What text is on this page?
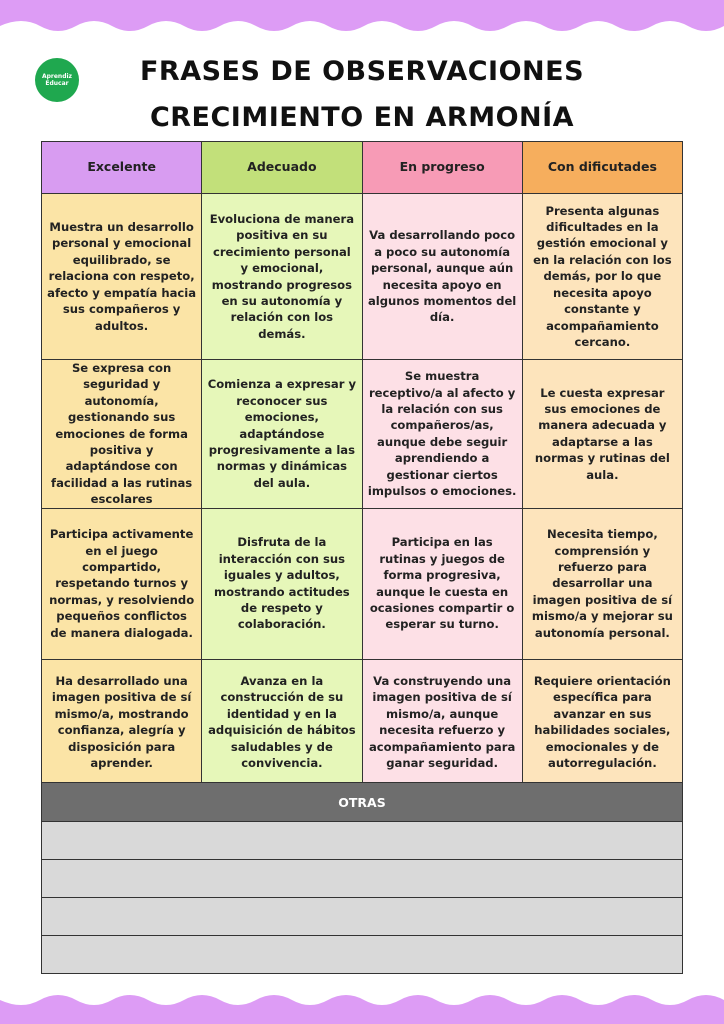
Aprendiz
Educar	FRASES DE OBSERVACIONES
CRECIMIENTO EN ARMONÍA
Excelente	Adecuado	En progreso	Con dificutades
Muestra un desarrollo personal y emocional equilibrado, se relaciona con respeto, afecto y empatía hacia sus compañeros y adultos.	Evoluciona de manera positiva en su crecimiento personal y emocional, mostrando progresos en su autonomía y relación con los demás.	Va desarrollando poco a poco su autonomía personal, aunque aún necesita apoyo en algunos momentos del día.	Presenta algunas dificultades en la gestión emocional y en la relación con los demás, por lo que necesita apoyo constante y acompañamiento cercano.
Se expresa con seguridad y autonomía, gestionando sus emociones de forma positiva y adaptándose con facilidad a las rutinas escolares	Comienza a expresar y reconocer sus emociones, adaptándose progresivamente a las normas y dinámicas del aula.	Se muestra receptivo/a al afecto y la relación con sus compañeros/as, aunque debe seguir aprendiendo a gestionar ciertos impulsos o emociones.	Le cuesta expresar sus emociones de manera adecuada y adaptarse a las normas y rutinas del aula.
Participa activamente en el juego compartido, respetando turnos y normas, y resolviendo pequeños conflictos de manera dialogada.	Disfruta de la interacción con sus iguales y adultos, mostrando actitudes de respeto y colaboración.	Participa en las rutinas y juegos de forma progresiva, aunque le cuesta en ocasiones compartir o esperar su turno.	Necesita tiempo, comprensión y refuerzo para desarrollar una imagen positiva de sí mismo/a y mejorar su autonomía personal.
Ha desarrollado una imagen positiva de sí mismo/a, mostrando confianza, alegría y disposición para aprender.	Avanza en la construcción de su identidad y en la adquisición de hábitos saludables y de convivencia.	Va construyendo una imagen positiva de sí mismo/a, aunque necesita refuerzo y acompañamiento para ganar seguridad.	Requiere orientación específica para avanzar en sus habilidades sociales, emocionales y de autorregulación.
OTRAS
